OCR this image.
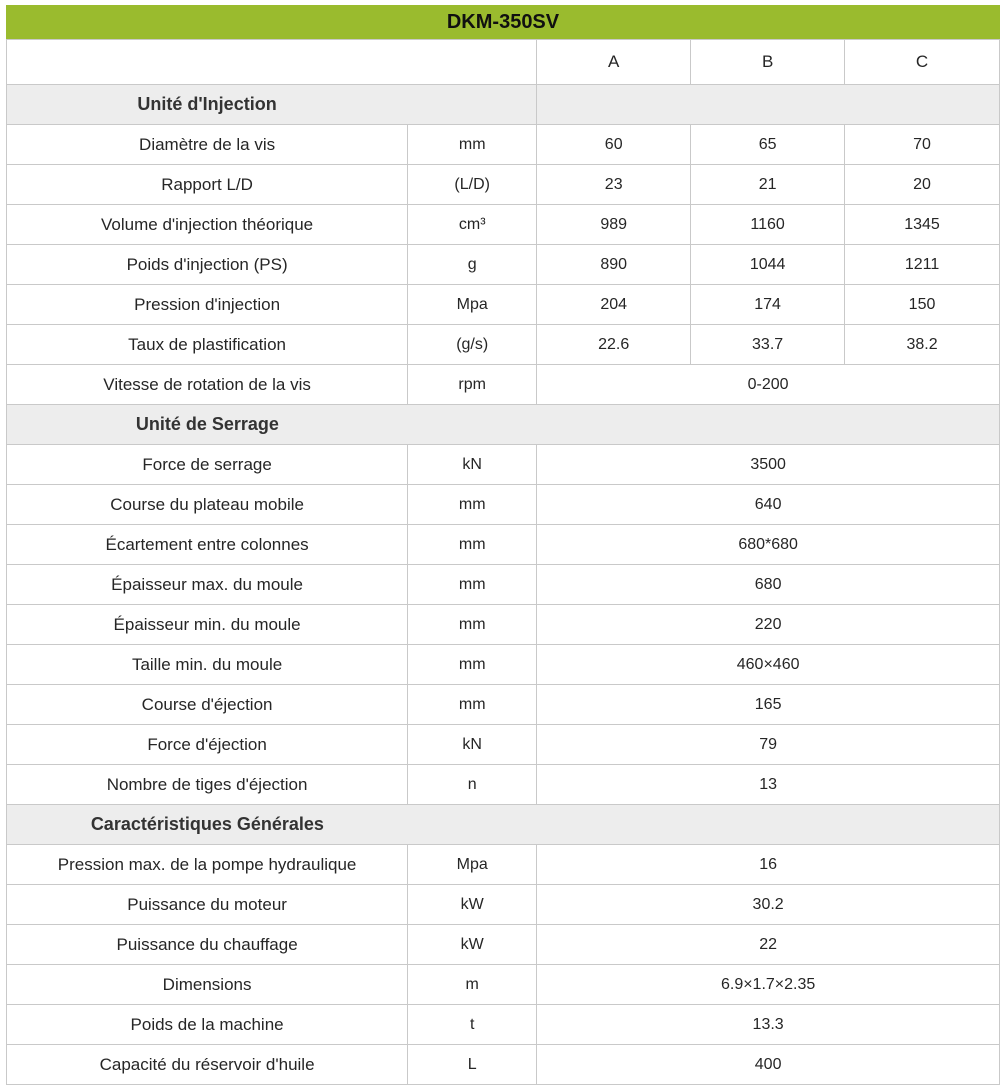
DKM-350SV				
		A	B	C

Unité d'Injection				

Diamètre de la vis	mm	60	65	70
Rapport L/D	(L/D)	23	21	20
Volume d'injection théorique	cm³	989	1160	1345
Poids d'injection (PS)	g	890	1044	1211
Pression d'injection	Mpa	204	174	150
Taux de plastification	(g/s)	22.6	33.7	38.2
Vitesse de rotation de la vis	rpm	0-200		

Unité de Serrage				

Force de serrage	kN	3500		
Course du plateau mobile	mm	640		
Écartement entre colonnes	mm	680*680		
Épaisseur max. du moule	mm	680		
Épaisseur min. du moule	mm	220		
Taille min. du moule	mm	460×460		
Course d'éjection	mm	165		
Force d'éjection	kN	79		
Nombre de tiges d'éjection	n	13		

Caractéristiques Générales				

Pression max. de la pompe hydraulique	Mpa	16		
Puissance du moteur	kW	30.2		
Puissance du chauffage	kW	22		
Dimensions	m	6.9×1.7×2.35		
Poids de la machine	t	13.3		
Capacité du réservoir d'huile	L	400		
